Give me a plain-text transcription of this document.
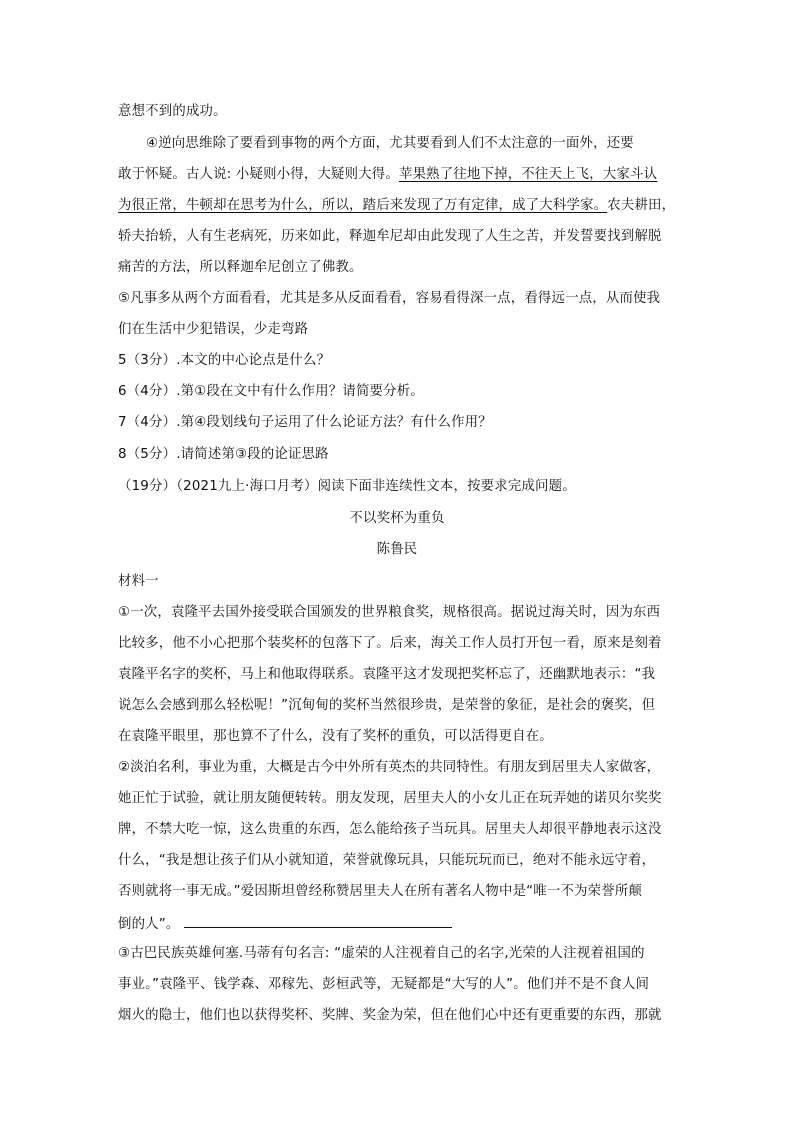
意想不到的成功。
④逆向思维除了要看到事物的两个方面，尤其要看到人们不太注意的一面外，还要
敢于怀疑。古人说: 小疑则小得，大疑则大得。苹果熟了往地下掉，不往天上飞，大家斗认
为很正常，牛顿却在思考为什么，所以，踏后来发现了万有定律，成了大科学家。农夫耕田，
轿夫抬轿，人有生老病死，历来如此，释迦牟尼却由此发现了人生之苦，并发誓要找到解脱
痛苦的方法，所以释迦牟尼创立了佛教。
⑤凡事多从两个方面看看，尤其是多从反面看看，容易看得深一点，看得远一点，从而使我
们在生活中少犯错误，少走弯路
5（3分）.本文的中心论点是什么？
6（4分）.第①段在文中有什么作用？请简要分析。
7（4分）.第④段划线句子运用了什么论证方法？有什么作用？
8（5分）.请简述第③段的论证思路
（19分）（2021九上·海口月考）阅读下面非连续性文本，按要求完成问题。
不以奖杯为重负
陈鲁民
材料一
①一次，袁隆平去国外接受联合国颁发的世界粮食奖，规格很高。据说过海关时，因为东西
比较多，他不小心把那个装奖杯的包落下了。后来，海关工作人员打开包一看，原来是刻着
袁隆平名字的奖杯，马上和他取得联系。袁隆平这才发现把奖杯忘了，还幽默地表示：“我
说怎么会感到那么轻松呢！”沉甸甸的奖杯当然很珍贵，是荣誉的象征，是社会的褒奖，但
在袁隆平眼里，那也算不了什么，没有了奖杯的重负，可以活得更自在。
②淡泊名利，事业为重，大概是古今中外所有英杰的共同特性。有朋友到居里夫人家做客，
她正忙于试验，就让朋友随便转转。朋友发现，居里夫人的小女儿正在玩弄她的诺贝尔奖奖
牌，不禁大吃一惊，这么贵重的东西，怎么能给孩子当玩具。居里夫人却很平静地表示这没
什么，“我是想让孩子们从小就知道，荣誉就像玩具，只能玩玩而已，绝对不能永远守着，
否则就将一事无成。”爱因斯坦曾经称赞居里夫人在所有著名人物中是“唯一不为荣誉所颠
倒的人”。
③古巴民族英雄何塞.马蒂有句名言: “虚荣的人注视着自己的名字,光荣的人注视着祖国的
事业。”袁隆平、钱学森、邓稼先、彭桓武等，无疑都是“大写的人”。他们并不是不食人间
烟火的隐士，他们也以获得奖杯、奖牌、奖金为荣，但在他们心中还有更重要的东西，那就
